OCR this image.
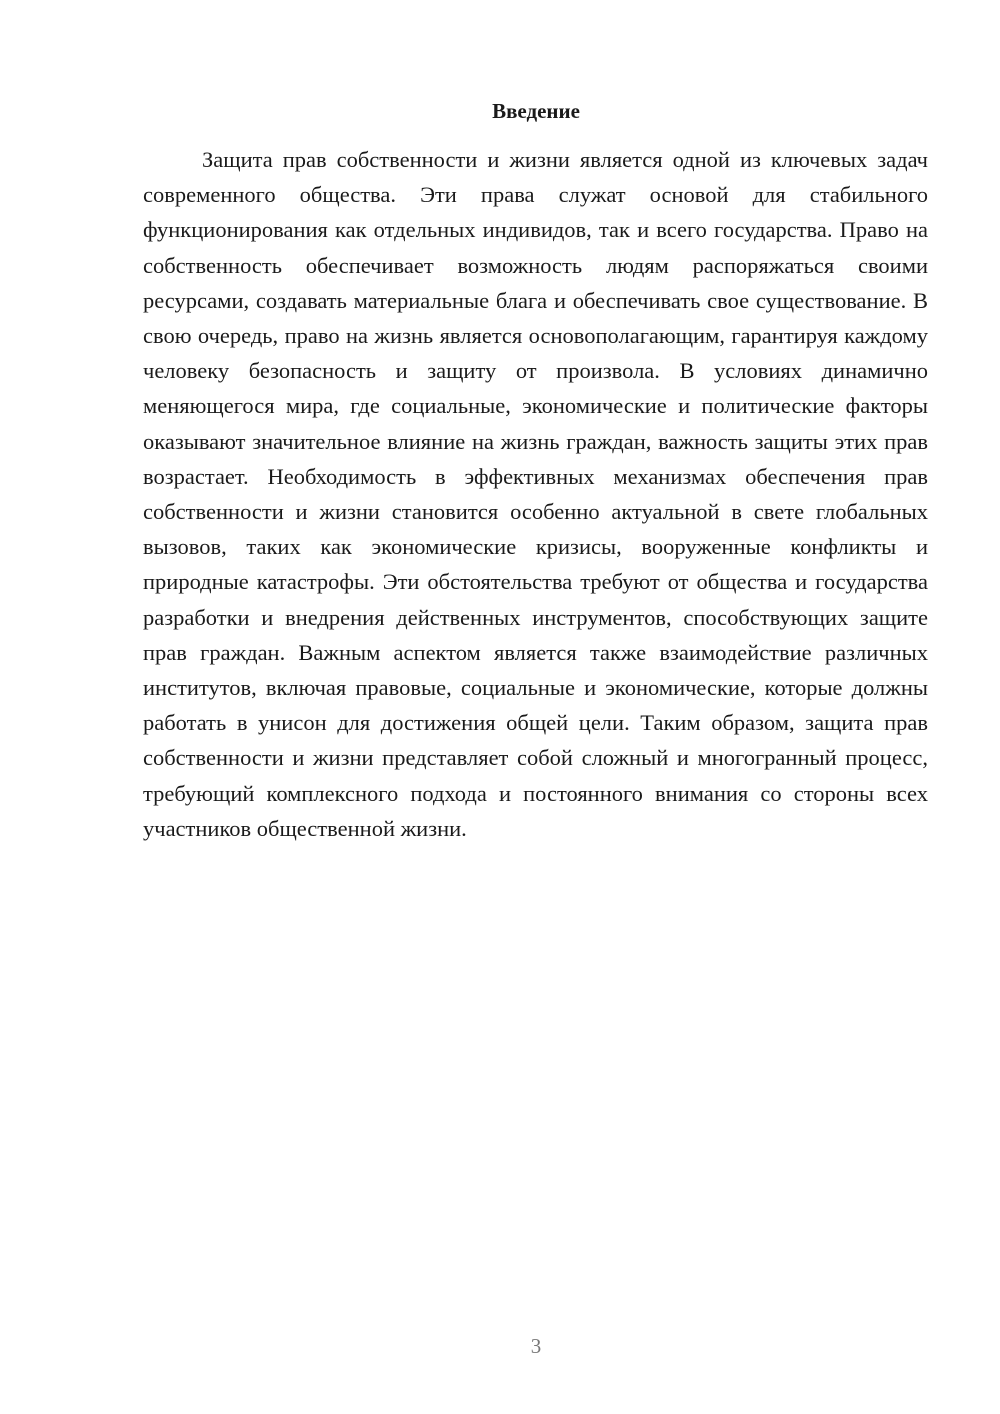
Введение

Защита прав собственности и жизни является одной из ключевых задач современного общества. Эти права служат основой для стабильного функционирования как отдельных индивидов, так и всего государства. Право на собственность обеспечивает возможность людям распоряжаться своими ресурсами, создавать материальные блага и обеспечивать свое существование. В свою очередь, право на жизнь является основополагающим, гарантируя каждому человеку безопасность и защиту от произвола. В условиях динамично меняющегося мира, где социальные, экономические и политические факторы оказывают значительное влияние на жизнь граждан, важность защиты этих прав возрастает. Необходимость в эффективных механизмах обеспечения прав собственности и жизни становится особенно актуальной в свете глобальных вызовов, таких как экономические кризисы, вооруженные конфликты и природные катастрофы. Эти обстоятельства требуют от общества и государства разработки и внедрения действенных инструментов, способствующих защите прав граждан. Важным аспектом является также взаимодействие различных институтов, включая правовые, социальные и экономические, которые должны работать в унисон для достижения общей цели. Таким образом, защита прав собственности и жизни представляет собой сложный и многогранный процесс, требующий комплексного подхода и постоянного внимания со стороны всех участников общественной жизни.

3
